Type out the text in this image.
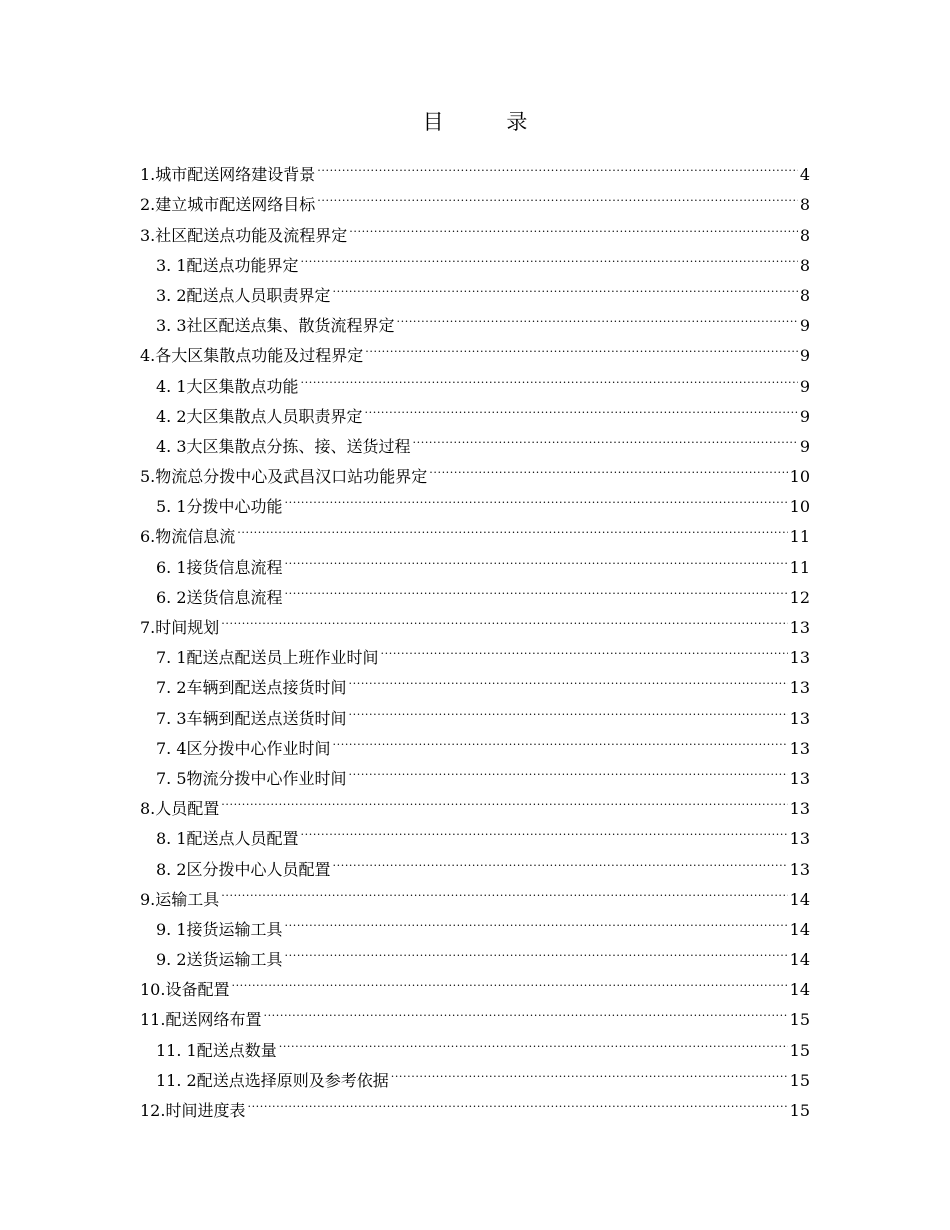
目 录
1. 城市配送网络建设背景 .....	4
2. 建立城市配送网络目标 .....	8
3. 社区配送点功能及流程界定 .....	8
3. 1 配送点功能界定 .....	8
3. 2 配送点人员职责界定 .....	8
3. 3 社区配送点集、散货流程界定 .....	9
4. 各大区集散点功能及过程界定 .....	9
4. 1 大区集散点功能 .....	9
4. 2 大区集散点人员职责界定 .....	9
4. 3 大区集散点分拣、接、送货过程 .....	9
5. 物流总分拨中心及武昌汉口站功能界定 .....	10
5. 1 分拨中心功能 .....	10
6. 物流信息流 .....	11
6. 1 接货信息流程 .....	11
6. 2 送货信息流程 .....	12
7. 时间规划 .....	13
7. 1 配送点配送员上班作业时间 .....	13
7. 2 车辆到配送点接货时间 .....	13
7. 3 车辆到配送点送货时间 .....	13
7. 4 区分拨中心作业时间 .....	13
7. 5 物流分拨中心作业时间 .....	13
8. 人员配置 .....	13
8. 1 配送点人员配置 .....	13
8. 2 区分拨中心人员配置 .....	13
9. 运输工具 .....	14
9. 1 接货运输工具 .....	14
9. 2 送货运输工具 .....	14
10. 设备配置 .....	14
11. 配送网络布置 .....	15
11. 1 配送点数量 .....	15
11. 2 配送点选择原则及参考依据 .....	15
12. 时间进度表 .....	15
